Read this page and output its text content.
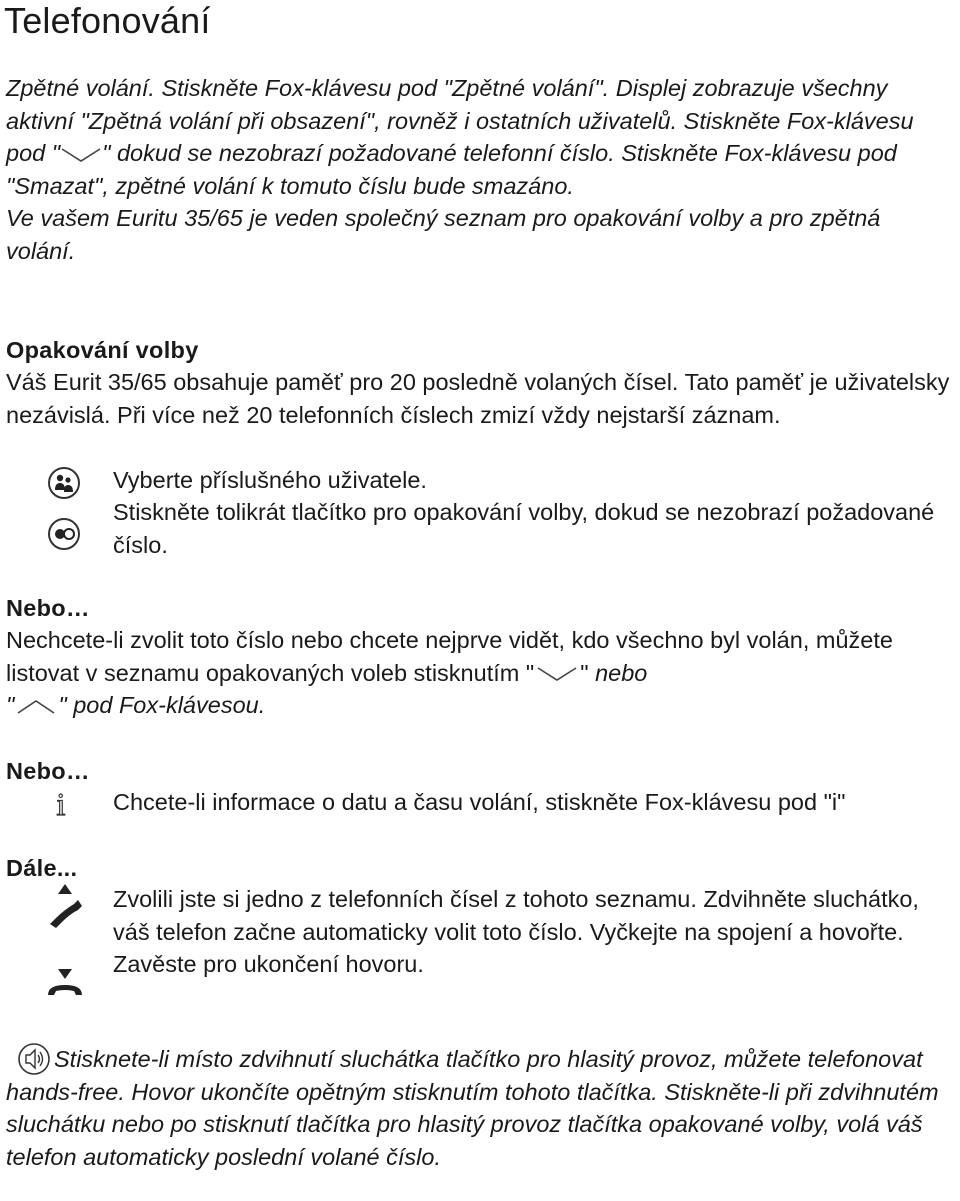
Telefonování

Zpětné volání. Stiskněte Fox-klávesu pod "Zpětné volání". Displej zobrazuje všechny aktivní "Zpětná volání při obsazení", rovněž i ostatních uživatelů. Stiskněte Fox-klávesu pod " " dokud se nezobrazí požadované telefonní číslo. Stiskněte Fox-klávesu pod "Smazat", zpětné volání k tomuto číslu bude smazáno.

Ve vašem Euritu 35/65 je veden společný seznam pro opakování volby a pro zpětná volání.

Opakování volby

Váš Eurit 35/65 obsahuje paměť pro 20 posledně volaných čísel. Tato paměť je uživatelsky nezávislá. Při více než 20 telefonních číslech zmizí vždy nejstarší záznam.

Vyberte příslušného uživatele.

Stiskněte tolikrát tlačítko pro opakování volby, dokud se nezobrazí požadované číslo.

Nebo…

Nechcete-li zvolit toto číslo nebo chcete nejprve vidět, kdo všechno byl volán, můžete listovat v seznamu opakovaných voleb stisknutím " " nebo
" " pod Fox-klávesou.

Nebo…

i Chcete-li informace o datu a času volání, stiskněte Fox-klávesu pod "i"

Dále...

Zvolili jste si jedno z telefonních čísel z tohoto seznamu. Zdvihněte sluchátko, váš telefon začne automaticky volit toto číslo. Vyčkejte na spojení a hovořte.

Zavěste pro ukončení hovoru.

Stisknete-li místo zdvihnutí sluchátka tlačítko pro hlasitý provoz, můžete telefonovat hands-free. Hovor ukončíte opětným stisknutím tohoto tlačítka. Stiskněte-li při zdvihnutém sluchátku nebo po stisknutí tlačítka pro hlasitý provoz tlačítka opakované volby, volá váš telefon automaticky poslední volané číslo.
